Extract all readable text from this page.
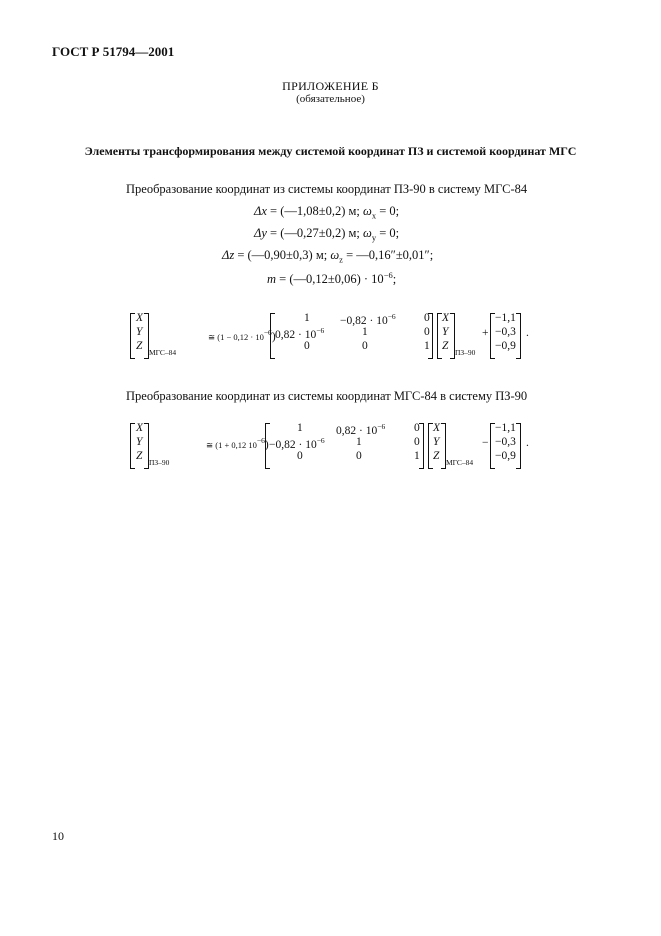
ГОСТ Р 51794—2001
ПРИЛОЖЕНИЕ Б
(обязательное)
Элементы трансформирования между системой координат ПЗ и системой координат МГС
Преобразование координат из системы координат ПЗ-90 в систему МГС-84
Δx = (—1,08±0,2) м; $\omega_x = 0$;
Δy = (—0,27±0,2) м; $\omega_y = 0$;
Δz = (—0,90±0,3) м; $\omega_z$ = —0,16″±0,01″;
m = (—0,12±0,06) · $10^{-6}$;
X
Y
Z
МГС–84
≅ $(1 - 0,12 \cdot 10^{-6})$
1	$-0,82 \cdot 10^{-6}$ 0
$0,82 \cdot 10^{-6}$	1	0
0	0	1
X
Y
Z
ПЗ–90
+
−1,1
−0,3
−0,9
.
Преобразование координат из системы координат МГС-84 в систему ПЗ-90
X
Y
Z
ПЗ–90
≅ (1 + 0,12 $10^{-6}$)
1	$0,82 \cdot 10^{-6}$	0
$-0,82 \cdot 10^{-6}$	1	0
0	0	1
X
Y
Z
МГС–84
−
−1,1
−0,3
−0,9
.
10
